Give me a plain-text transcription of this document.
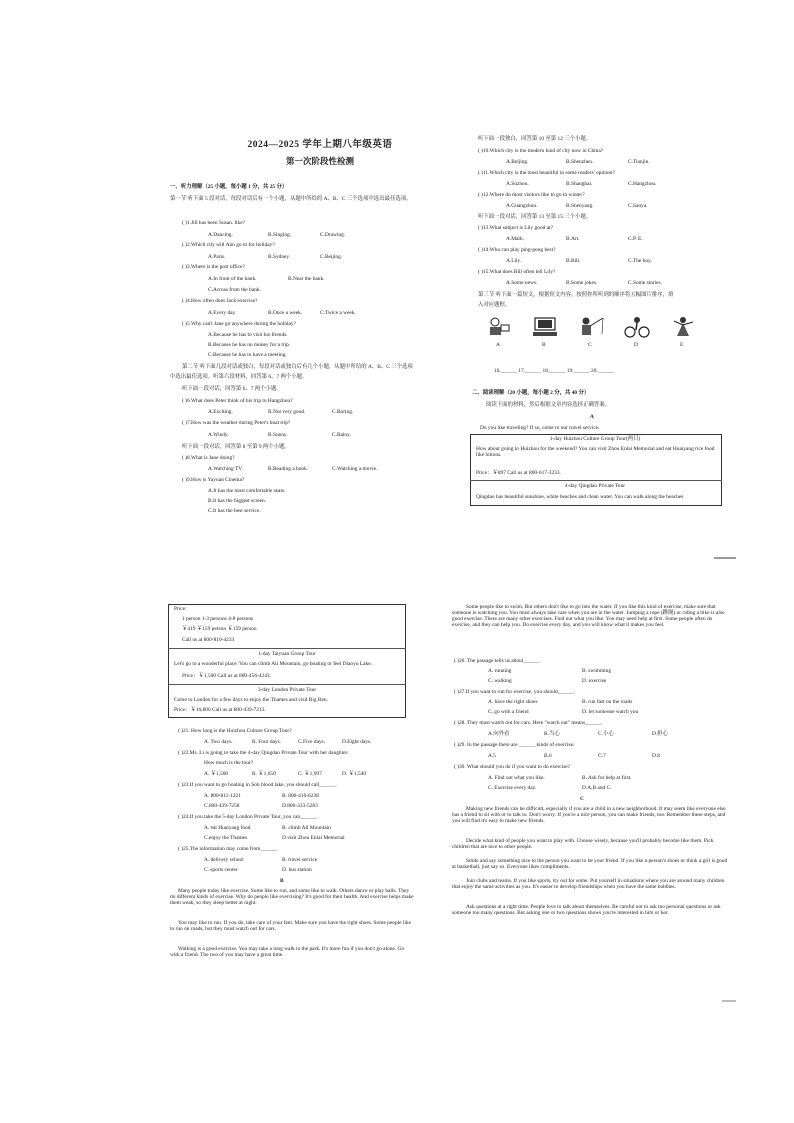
2024—2025 学年上期八年级英语
第一次阶段性检测
一、听力理解（25 小题，每小题 1 分，共 25 分）
第一节 听下面 5 段对话，每段对话后有一个小题，从题中所给的 A、B、C 三个选项中选出最佳选项。
( )1.Jill has been Susan. like?
A.Dancing.	B.Singing.	C.Drawing.
( )2.Which city will Ann go to for holiday?
A.Paris.	B.Sydney.	C.Beijing.
( )3.Where is the post office?
A.In front of the bank.	B.Near the bank.
C.Across from the bank.
( )4.How often does Jack exercise?
A.Every day.	B.Once a week.	C.Twice a week.
( )5.Why can't Jane go anywhere during the holiday?
A.Because he has to visit his friends.
B.Because he has no money for a trip.
C.Because he has to have a meeting.
第二节 听下面几段对话或独白，每段对话或独白后有几个小题，从题中所给的 A、B、C 三个选项
中选出最佳选项。听第六段材料，回答第 6、7 两个小题。
听下面一段对话，回答第 6、7 两个小题。
( )6.What does Peter think of his trip to Hangzhou?
A.Exciting.	B.Not very good.	C.Boring.
( )7.How was the weather during Peter's boat trip?
A.Windy.	B.Sunny.	C.Rainy.
听下面一段对话，回答第 8 至第 9 两个小题。
( )8.What is Jane doing?
A.Watching TV.	B.Reading a book.	C.Watching a movie.
( )9.How is Yayuan Cinema?
A.It has the most comfortable seats.
B.It has the biggest screen.
C.It has the best service.
听下面一段独白，回答第 10 至第 12 三个小题。
( )10.Which city is the modern kind of city now in China?
A.Beijing.	B.Shenzhen.	C.Tianjin.
( )11.Which city is the most beautiful in some readers' opinion?
A.Suzhou.	B.Shanghai.	C.Hangzhou.
( )12.Where do most visitors like to go in winter?
A.Guangzhou.	B.Shenyang.	C.Sanya.
听下面一段对话，回答第 13 至第 15 三个小题。
( )13.What subject is Lily good at?
A.Math.	B.Art.	C.P. E.
( )14.Who can play ping-pong best?
A.Lily.	B.Bill.	C.The boy.
( )15.What does Bill often tell Lily?
A.Some news.	B.Some jokes.	C.Some stories.
第三节 听下面一篇短文，根据短文内容，按照你所听到的顺序将五幅图片排序，填
入对应题框。
A	B	C	D	E
16.______ 17.______ 18.______ 19.______ 20.______
二、阅读理解（20 小题，每小题 2 分，共 40 分）
阅读下面的材料，然后根据文章内容选择正确答案。
A
Do you like traveling? If so, come to our travel service.
1-day Huizhou Culture Group Tour(两日)
How about going to Huizhou for the weekend? You can visit Zhou Enlai Memorial and eat Huaiyang rice food like lotions.
Price：￥897 Call us at 800-617-3233.
4-day Qingdao Private Tour
Qingdao has beautiful sunshine, white beaches and clean water. You can walk along the beaches
Price:
1 person 1-3 persons 4-8 persons
￥419 ￥159 person ￥159 person
Call us at 800-810-4233
1-day Taiyuan Group Tour
Let's go to a wonderful place. You can climb Ali Mountain, go boating or feel Diaoyu Lake.
Price：￥1,500 Call us at 800-456-4243.
3-day London Private Tour
Come to London for a few days to enjoy the Thames and visit Big Ben.
Price：￥16,800 Call us at 800-439-7213.
( )21. How long is the Huizhou Culture Group Tour?
A. Two days.	B. Four days.	C.Five days.	D.Eight days.
( )22.Ms. Li is going to take the 4-day Qingdao Private Tour with her daughter.
How much is the tour?
A. ￥1,500	B. ￥1,650	C. ￥1,997	D. ￥1,540
( )23.If you want to go boating in Soh blood lake, you should call______.
A. 800-811-1221	B. 800-410-6238
C.800-439-7258	D.800-333-5283
( )24.If you take the 5-day London Private Tour, you can______.
A. eat Huaiyang food	B. climb Ali Mountain
C.enjoy the Thames	D.visit Zhou Enlai Memorial
( )25.The information may come from______.
A. delivery school	B. travel service
C. sports center	D. bus station
B
Many people today like exercise. Some like to run, and some like to walk. Others dance or play balls. They do different kinds of exercise. Why do people like exercising? It's good for their health. And exercise helps make them weak, so they sleep better at night.
You may like to run. If you do, take care of your feet. Make sure you have the right shoes. Some people like to run on roads, but they must watch out for cars.
Walking is a good exercise. You may take a long walk in the park. It's more fun if you don't go alone. Go with a friend. The two of you may have a great time.
Some people like to swim. But others don't like to go into the water. If you like this kind of exercise, make sure that someone is watching you. You must always take care when you are in the water. Jumping a rope (跳绳) or riding a bike is also good exercise. There are many other exercises. Find out what you like. You may need help at first. Some people often do exercise, and they can help you. Do exercise every day, and you will know what it makes you feel.
( )26. The passage tells us about______.
A. running	B. swimming
C. walking	D. exercise
( )27.If you want to run for exercise, you should______.
A. have the right shoes	B. run fast on the roads
C. go with a friend	D. let someone watch you
( )28. They must watch out for cars. Here "watch out" means______.
A.向外看	B.当心	C.小心	D.担心
( )29. In the passage there are ______ kinds of exercise.
A.5	B.6	C.7	D.8
( )30. What should you do if you want to do exercise?
A. Find out what you like.	B. Ask for help at first.
C. Exercise every day.	D.A,B and C.
C
Making new friends can be difficult, especially if you are a child in a new neighborhood. It may seem like everyone else has a friend to sit with or to talk to. Don't worry. If you're a nice person, you can make friends, too. Remember these steps, and you will find it's easy to make new friends.
Decide what kind of people you want to play with. Choose wisely, because you'll probably become like them. Pick children that are nice to other people.
Smile and say something nice to the person you want to be your friend. If you like a person's shoes or think a girl is good at basketball, just say so. Everyone likes compliments.
Join clubs and teams. If you like sports, try out for some. Put yourself in situations where you are around many children that enjoy the same activities as you. It's easier to develop friendships when you have the same hobbies.
Ask questions at a right time. People love to talk about themselves. Be careful not to ask too personal questions or ask someone too many questions. But asking one or two questions shows you're interested in him or her.
